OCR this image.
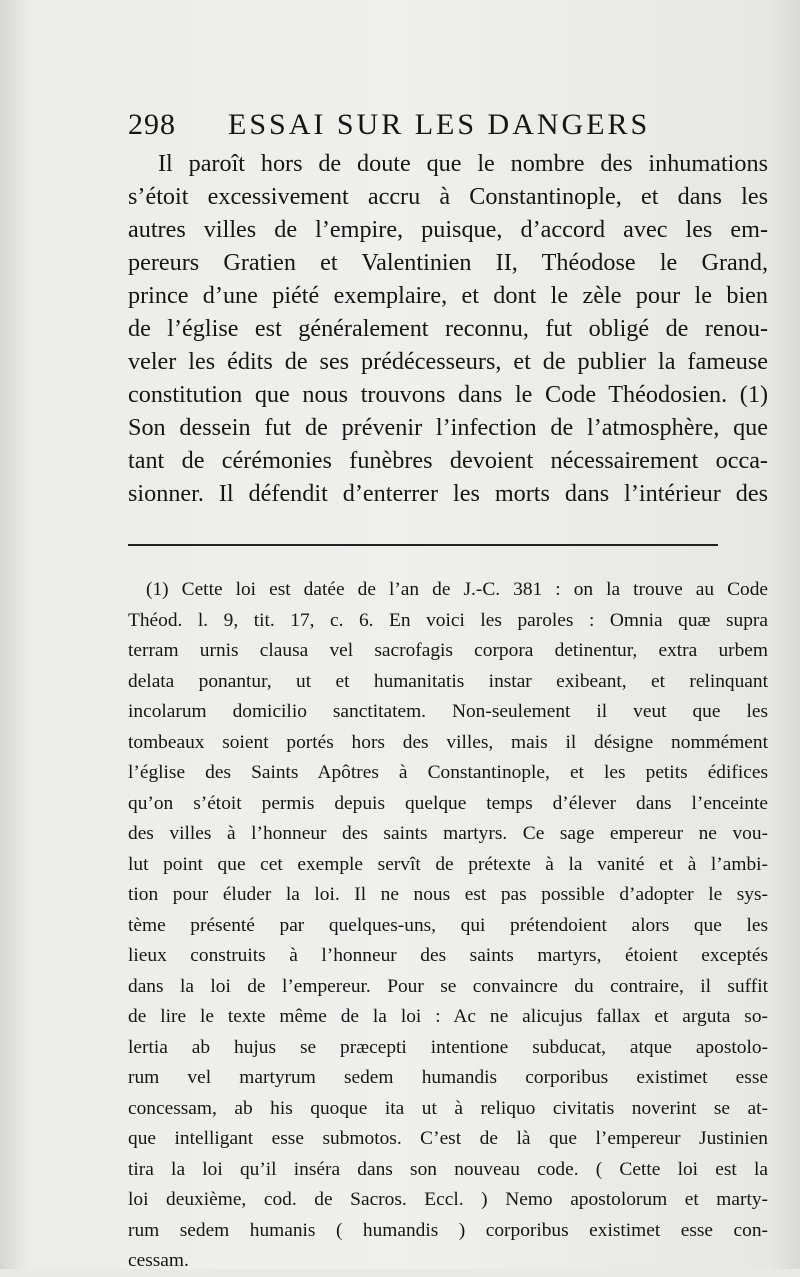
298 ESSAI SUR LES DANGERS
Il paroît hors de doute que le nombre des inhumations
s’étoit excessivement accru à Constantinople, et dans les
autres villes de l’empire, puisque, d’accord avec les em-
pereurs Gratien et Valentinien II, Théodose le Grand,
prince d’une piété exemplaire, et dont le zèle pour le bien
de l’église est généralement reconnu, fut obligé de renou-
veler les édits de ses prédécesseurs, et de publier la fameuse
constitution que nous trouvons dans le Code Théodosien. (1)
Son dessein fut de prévenir l’infection de l’atmosphère, que
tant de cérémonies funèbres devoient nécessairement occa-
sionner. Il défendit d’enterrer les morts dans l’intérieur des
(1) Cette loi est datée de l’an de J.-C. 381 : on la trouve au Code
Théod. l. 9, tit. 17, c. 6. En voici les paroles : Omnia quæ supra
terram urnis clausa vel sacrofagis corpora detinentur, extra urbem
delata ponantur, ut et humanitatis instar exibeant, et relinquant
incolarum domicilio sanctitatem. Non-seulement il veut que les
tombeaux soient portés hors des villes, mais il désigne nommément
l’église des Saints Apôtres à Constantinople, et les petits édifices
qu’on s’étoit permis depuis quelque temps d’élever dans l’enceinte
des villes à l’honneur des saints martyrs. Ce sage empereur ne vou-
lut point que cet exemple servît de prétexte à la vanité et à l’ambi-
tion pour éluder la loi. Il ne nous est pas possible d’adopter le sys-
tème présenté par quelques-uns, qui prétendoient alors que les
lieux construits à l’honneur des saints martyrs, étoient exceptés
dans la loi de l’empereur. Pour se convaincre du contraire, il suffit
de lire le texte même de la loi : Ac ne alicujus fallax et arguta so-
lertia ab hujus se præcepti intentione subducat, atque apostolo-
rum vel martyrum sedem humandis corporibus existimet esse
concessam, ab his quoque ita ut à reliquo civitatis noverint se at-
que intelligant esse submotos. C’est de là que l’empereur Justinien
tira la loi qu’il inséra dans son nouveau code. ( Cette loi est la
loi deuxième, cod. de Sacros. Eccl. ) Nemo apostolorum et marty-
rum sedem humanis ( humandis ) corporibus existimet esse con-
cessam.
